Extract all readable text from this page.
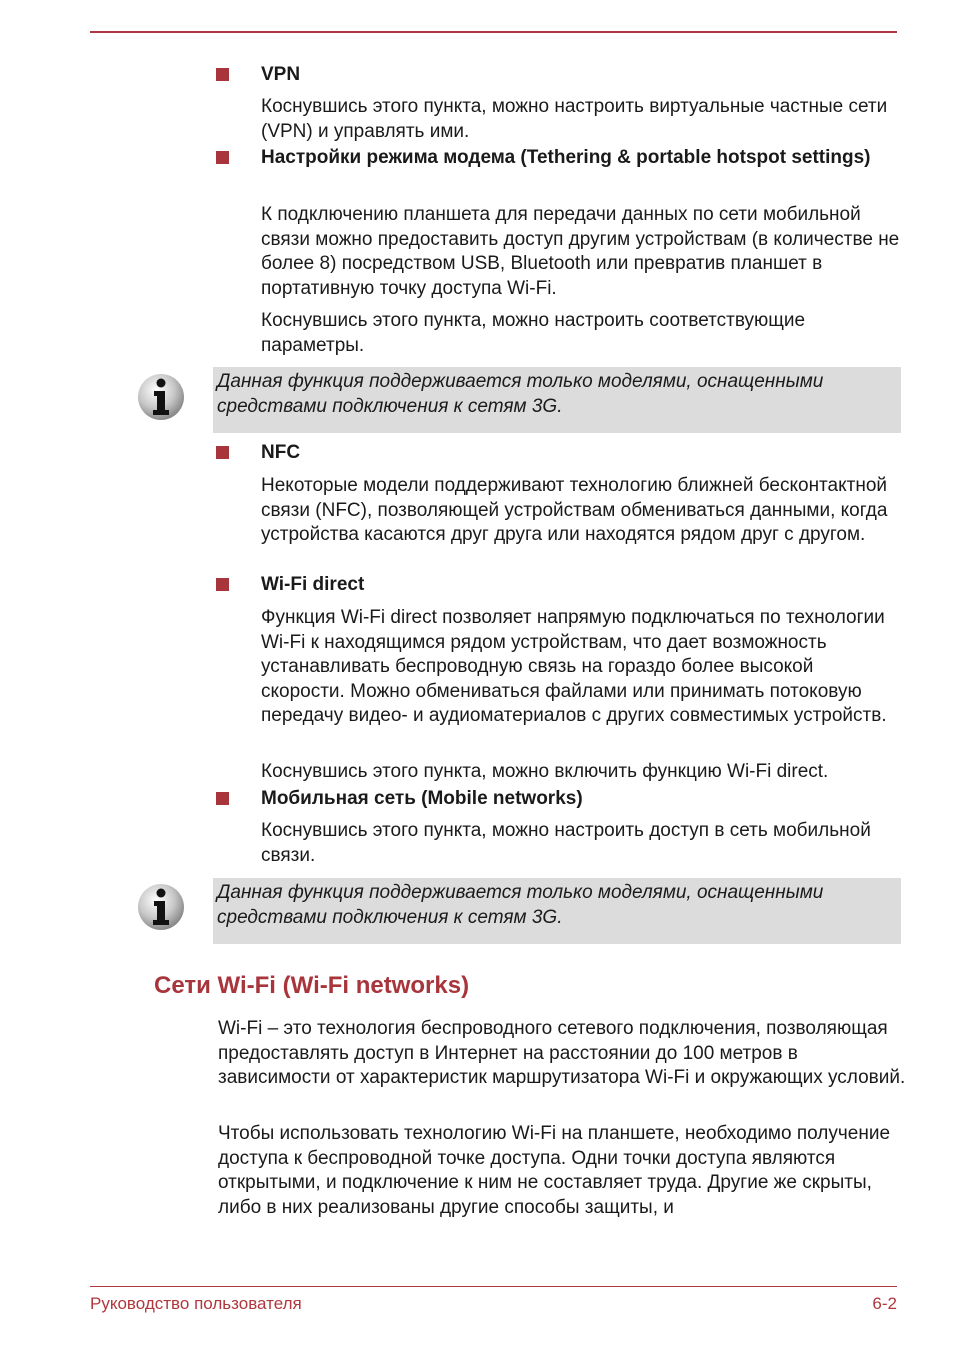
VPN

Коснувшись этого пункта, можно настроить виртуальные частные сети (VPN) и управлять ими.

Настройки режима модема (Tethering & portable hotspot settings)

К подключению планшета для передачи данных по сети мобильной связи можно предоставить доступ другим устройствам (в количестве не более 8) посредством USB, Bluetooth или превратив планшет в портативную точку доступа Wi-Fi.

Коснувшись этого пункта, можно настроить соответствующие параметры.

Данная функция поддерживается только моделями, оснащенными средствами подключения к сетям 3G.
NFC

Некоторые модели поддерживают технологию ближней бесконтактной связи (NFC), позволяющей устройствам обмениваться данными, когда устройства касаются друг друга или находятся рядом друг с другом.

Wi-Fi direct

Функция Wi-Fi direct позволяет напрямую подключаться по технологии Wi-Fi к находящимся рядом устройствам, что дает возможность устанавливать беспроводную связь на гораздо более высокой скорости. Можно обмениваться файлами или принимать потоковую передачу видео- и аудиоматериалов с других совместимых устройств.

Коснувшись этого пункта, можно включить функцию Wi-Fi direct.

Мобильная сеть (Mobile networks)

Коснувшись этого пункта, можно настроить доступ в сеть мобильной связи.

Данная функция поддерживается только моделями, оснащенными средствами подключения к сетям 3G.
Сети Wi-Fi (Wi-Fi networks)

Wi-Fi – это технология беспроводного сетевого подключения, позволяющая предоставлять доступ в Интернет на расстоянии до 100 метров в зависимости от характеристик маршрутизатора Wi-Fi и окружающих условий.

Чтобы использовать технологию Wi-Fi на планшете, необходимо получение доступа к беспроводной точке доступа. Одни точки доступа являются открытыми, и подключение к ним не составляет труда. Другие же скрыты, либо в них реализованы другие способы защиты, и

Руководство пользователя	6-2
